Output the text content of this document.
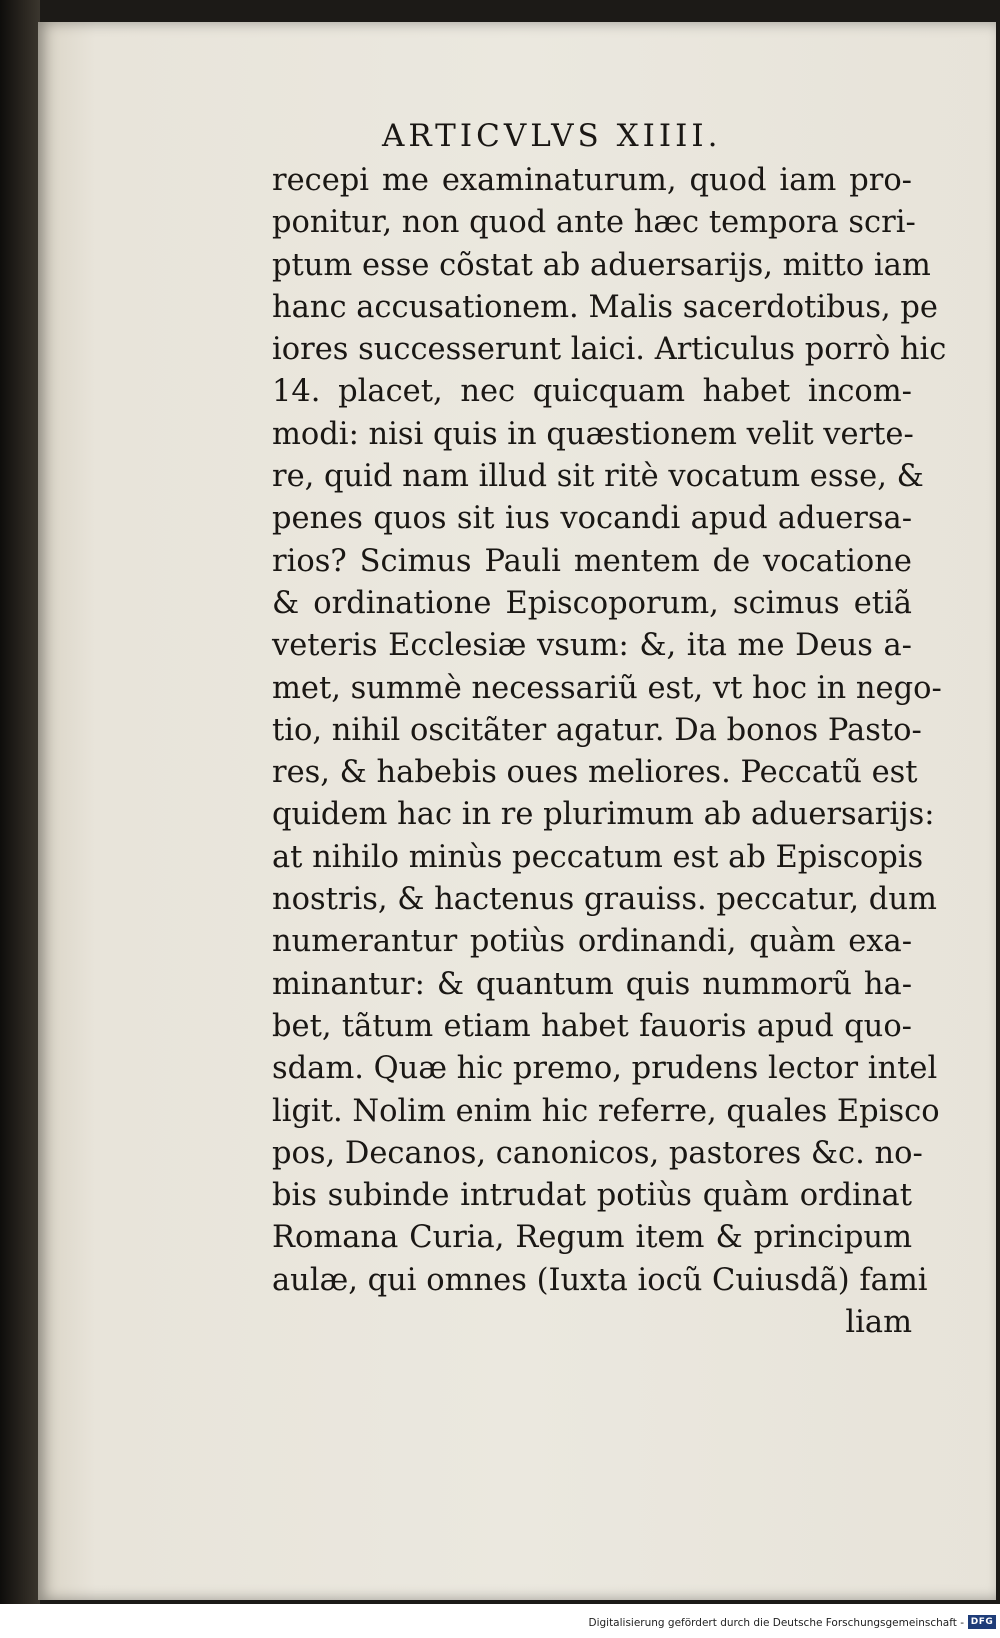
ARTICVLVS XIIII.
recepi me examinaturum, quod iam pro-
ponitur, non quod ante hæc tempora scri-
ptum esse cõstat ab aduersarijs, mitto iam
hanc accusationem. Malis sacerdotibus, pe
iores successerunt laici. Articulus porrò hic
14. placet, nec quicquam habet incom-
modi: nisi quis in quæstionem velit verte-
re, quid nam illud sit ritè vocatum esse, &
penes quos sit ius vocandi apud aduersa-
rios? Scimus Pauli mentem de vocatione
& ordinatione Episcoporum, scimus etiã
veteris Ecclesiæ vsum: &, ita me Deus a-
met, summè necessariũ est, vt hoc in nego-
tio, nihil oscitãter agatur. Da bonos Pasto-
res, & habebis oues meliores. Peccatũ est
quidem hac in re plurimum ab aduersarijs:
at nihilo minùs peccatum est ab Episcopis
nostris, & hactenus grauiss. peccatur, dum
numerantur potiùs ordinandi, quàm exa-
minantur: & quantum quis nummorũ ha-
bet, tãtum etiam habet fauoris apud quo-
sdam. Quæ hic premo, prudens lector intel
ligit. Nolim enim hic referre, quales Episco
pos, Decanos, canonicos, pastores &c. no-
bis subinde intrudat potiùs quàm ordinat
Romana Curia, Regum item & principum
aulæ, qui omnes (Iuxta iocũ Cuiusdã) fami
liam
Digitalisierung gefördert durch die Deutsche Forschungsgemeinschaft - DFG
